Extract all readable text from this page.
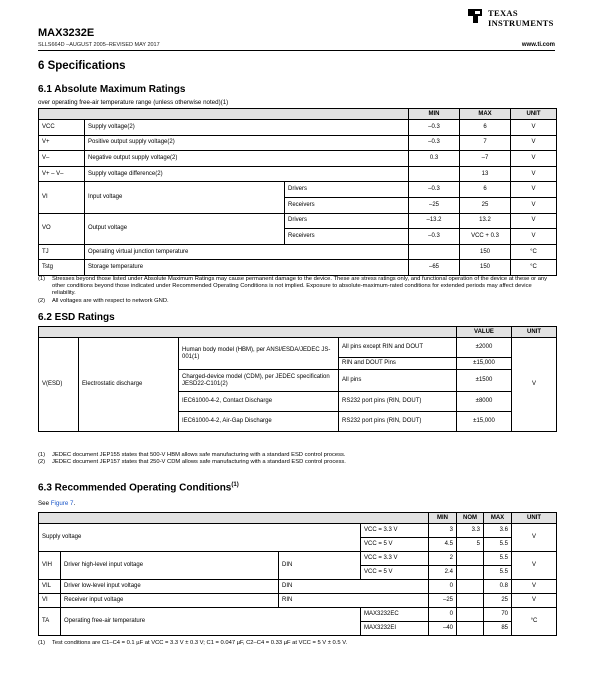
TEXAS
INSTRUMENTS
MAX3232E
SLLS664D –AUGUST 2005–REVISED MAY 2017	www.ti.com
6 Specifications
6.1 Absolute Maximum Ratings
over operating free-air temperature range (unless otherwise noted)(1)
			MIN	MAX	UNIT
VCC	Supply voltage(2)		–0.3	6	V
V+	Positive output supply voltage(2)		–0.3	7	V
V–	Negative output supply voltage(2)		0.3	–7	V
V+ – V–	Supply voltage difference(2)			13	V
VI	Input voltage	Drivers	–0.3	6	V
		Receivers	–25	25	V
VO	Output voltage	Drivers	–13.2	13.2	V
		Receivers	–0.3	VCC + 0.3	V
TJ	Operating virtual junction temperature			150	°C
Tstg	Storage temperature		–65	150	°C
(1)	Stresses beyond those listed under Absolute Maximum Ratings may cause permanent damage to the device. These are stress ratings only, and functional operation of the device at these or any other conditions beyond those indicated under Recommended Operating Conditions is not implied. Exposure to absolute-maximum-rated conditions for extended periods may affect device reliability.
(2)	All voltages are with respect to network GND.
6.2 ESD Ratings
				VALUE	UNIT
V(ESD)	Electrostatic discharge	Human body model (HBM), per ANSI/ESDA/JEDEC JS-001(1)	All pins except RIN and DOUT	±2000	V
			RIN and DOUT Pins	±15,000	
		Charged-device model (CDM), per JEDEC specification JESD22-C101(2)	All pins	±1500	
		IEC61000-4-2, Contact Discharge	RS232 port pins (RIN, DOUT)	±8000	
		IEC61000-4-2, Air-Gap Discharge	RS232 port pins (RIN, DOUT)	±15,000	
(1)	JEDEC document JEP155 states that 500-V HBM allows safe manufacturing with a standard ESD control process.
(2)	JEDEC document JEP157 states that 250-V CDM allows safe manufacturing with a standard ESD control process.
6.3 Recommended Operating Conditions$^{(1)}$
See Figure 7.
				MIN	NOM	MAX	UNIT
Supply voltage			VCC = 3.3 V	3	3.3	3.6	V
			VCC = 5 V	4.5	5	5.5	
VIH	Driver high-level input voltage	DIN	VCC = 3.3 V	2		5.5	V
			VCC = 5 V	2.4		5.5	
VIL	Driver low-level input voltage	DIN		0		0.8	V
VI	Receiver input voltage	RIN		–25		25	V
TA	Operating free-air temperature		MAX3232EC	0		70	°C
			MAX3232EI	–40		85	
(1)	Test conditions are C1–C4 = 0.1 µF at VCC = 3.3 V ± 0.3 V; C1 = 0.047 µF, C2–C4 = 0.33 µF at VCC = 5 V ± 0.5 V.
